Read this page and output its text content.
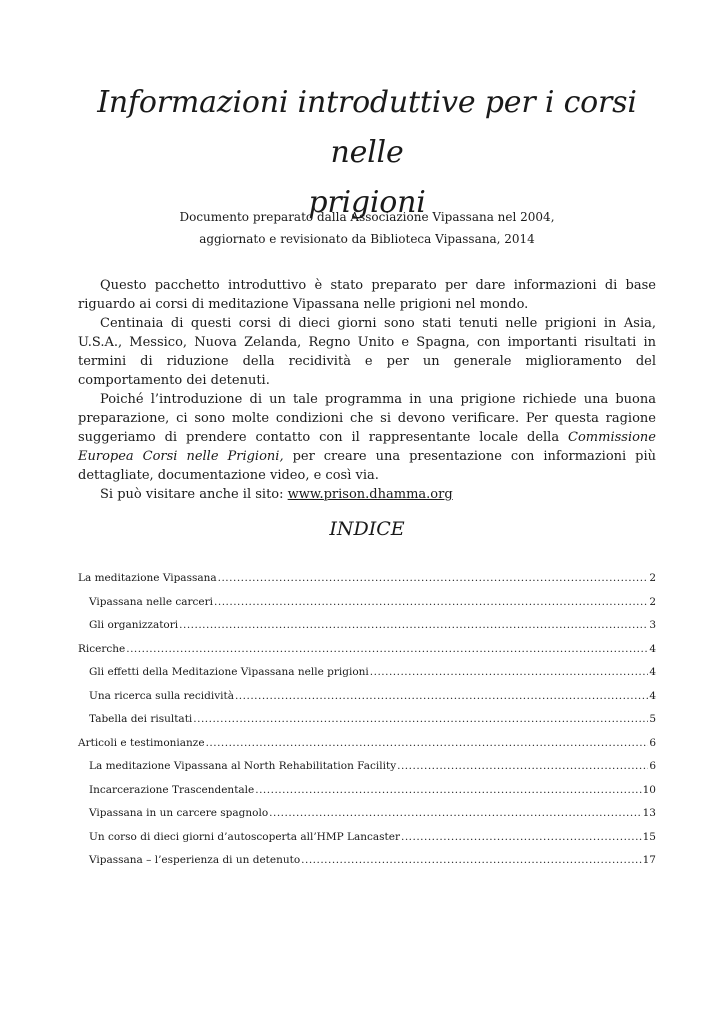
Informazioni introduttive per i corsi nelle
prigioni
Documento preparato dalla Associazione Vipassana nel 2004,
aggiornato e revisionato da Biblioteca Vipassana, 2014

Questo pacchetto introduttivo è stato preparato per dare informazioni di base riguardo ai corsi di meditazione Vipassana nelle prigioni nel mondo.

Centinaia di questi corsi di dieci giorni sono stati tenuti nelle prigioni in Asia, U.S.A., Messico, Nuova Zelanda, Regno Unito e Spagna, con importanti risultati in termini di riduzione della recidività e per un generale miglioramento del comportamento dei detenuti.

Poiché l’introduzione di un tale programma in una prigione richiede una buona preparazione, ci sono molte condizioni che si devono verificare. Per questa ragione suggeriamo di prendere contatto con il rappresentante locale della Commissione Europea Corsi nelle Prigioni, per creare una presentazione con informazioni più dettagliate, documentazione video, e così via.

Si può visitare anche il sito: www.prison.dhamma.org

INDICE
La meditazione Vipassana .....	2
Vipassana nelle carceri .....	2
Gli organizzatori .....	3
Ricerche .....	4
Gli effetti della Meditazione Vipassana nelle prigioni .....	4
Una ricerca sulla recidività .....	4
Tabella dei risultati .....	5
Articoli e testimonianze .....	6
La meditazione Vipassana al North Rehabilitation Facility .....	6
Incarcerazione Trascendentale .....	10
Vipassana in un carcere spagnolo .....	13
Un corso di dieci giorni d’autoscoperta all’HMP Lancaster .....	15
Vipassana – l’esperienza di un detenuto .....	17
